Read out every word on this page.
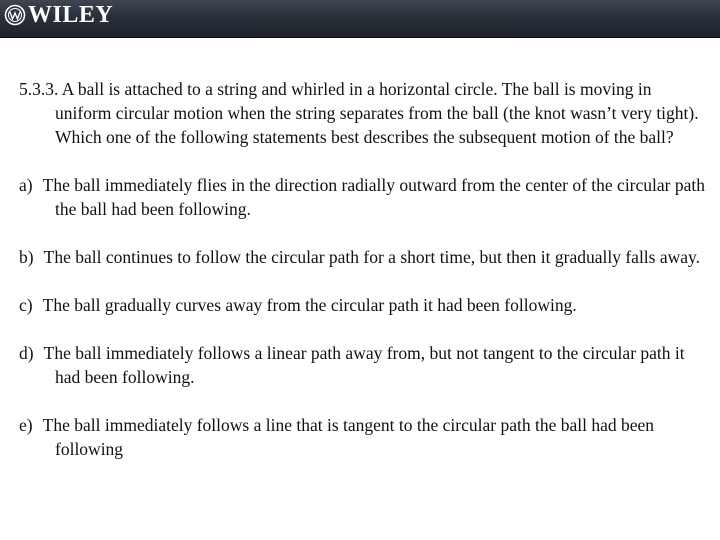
WILEY

5.3.3. A ball is attached to a string and whirled in a horizontal circle. The ball is moving in uniform circular motion when the string separates from the ball (the knot wasn’t very tight). Which one of the following statements best describes the subsequent motion of the ball?

a) The ball immediately flies in the direction radially outward from the center of the circular path the ball had been following.

b) The ball continues to follow the circular path for a short time, but then it gradually falls away.

c) The ball gradually curves away from the circular path it had been following.

d) The ball immediately follows a linear path away from, but not tangent to the circular path it had been following.

e) The ball immediately follows a line that is tangent to the circular path the ball had been following
